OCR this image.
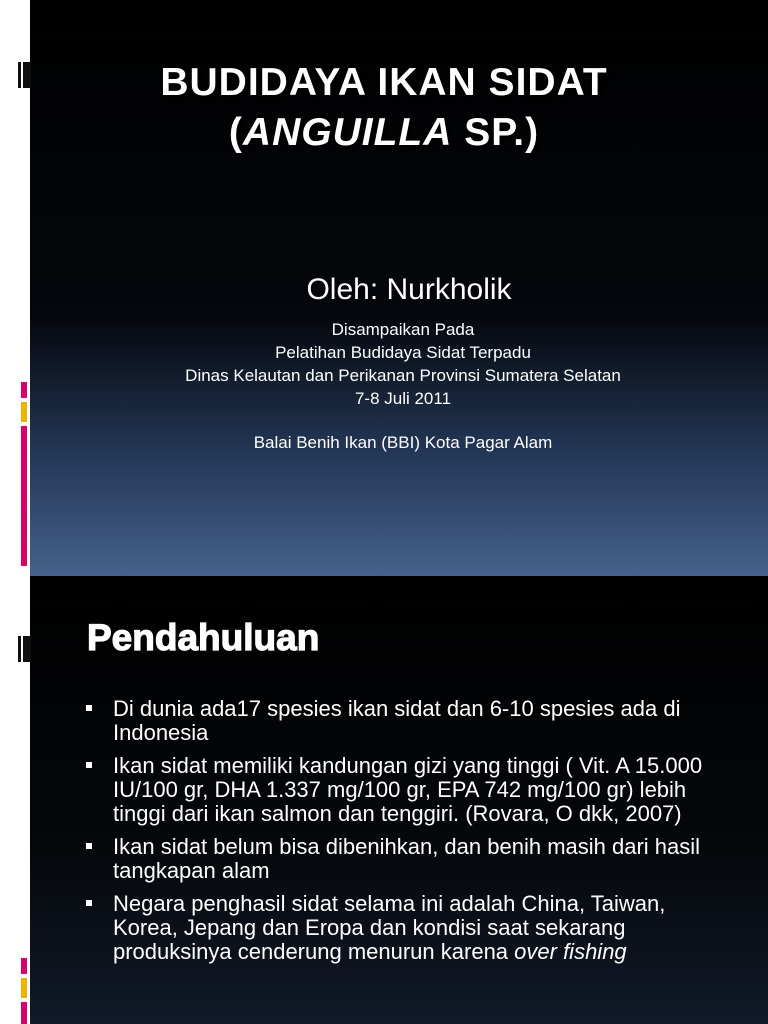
BUDIDAYA IKAN SIDAT
(ANGUILLA SP.)
Oleh: Nurkholik
Disampaikan Pada
Pelatihan Budidaya Sidat Terpadu
Dinas Kelautan dan Perikanan Provinsi Sumatera Selatan
7-8 Juli 2011
Balai Benih Ikan (BBI) Kota Pagar Alam
Pendahuluan
Di dunia ada17 spesies ikan sidat dan 6-10 spesies ada di Indonesia
Ikan sidat memiliki kandungan gizi yang tinggi ( Vit. A 15.000 IU/100 gr, DHA 1.337 mg/100 gr, EPA 742 mg/100 gr) lebih tinggi dari ikan salmon dan tenggiri. (Rovara, O dkk, 2007)
Ikan sidat belum bisa dibenihkan, dan benih masih dari hasil tangkapan alam
Negara penghasil sidat selama ini adalah China, Taiwan, Korea, Jepang dan Eropa dan kondisi saat sekarang produksinya cenderung menurun karena over fishing
